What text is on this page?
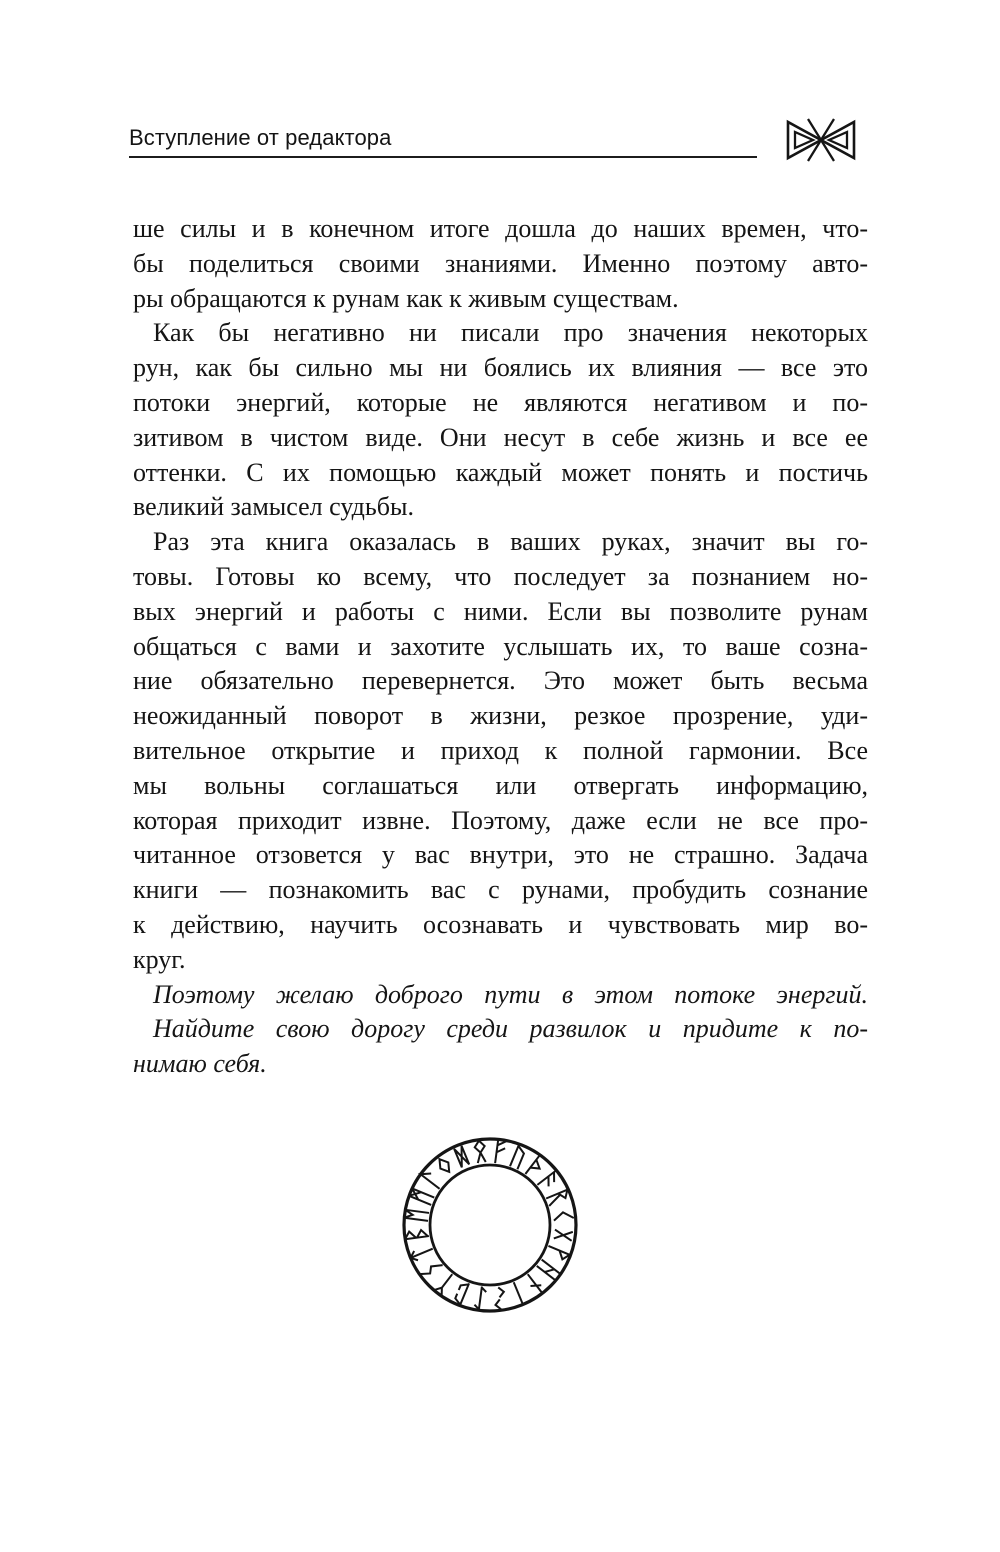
Вступление от редактора
ше силы и в конечном итоге дошла до наших времен, что-
бы поделиться своими знаниями. Именно поэтому авто-
ры обращаются к рунам как к живым существам.
Как бы негативно ни писали про значения некоторых
рун, как бы сильно мы ни боялись их влияния — все это
потоки энергий, которые не являются негативом и по-
зитивом в чистом виде. Они несут в себе жизнь и все ее
оттенки. С их помощью каждый может понять и постичь
великий замысел судьбы.
Раз эта книга оказалась в ваших руках, значит вы го-
товы. Готовы ко всему, что последует за познанием но-
вых энергий и работы с ними. Если вы позволите рунам
общаться с вами и захотите услышать их, то ваше созна-
ние обязательно перевернется. Это может быть весьма
неожиданный поворот в жизни, резкое прозрение, уди-
вительное открытие и приход к полной гармонии. Все
мы вольны соглашаться или отвергать информацию,
которая приходит извне. Поэтому, даже если не все про-
читанное отзовется у вас внутри, это не страшно. Задача
книги — познакомить вас с рунами, пробудить сознание
к действию, научить осознавать и чувствовать мир во-
круг.
Поэтому желаю доброго пути в этом потоке энергий.
Найдите свою дорогу среди развилок и придите к по-
нимаю себя.
